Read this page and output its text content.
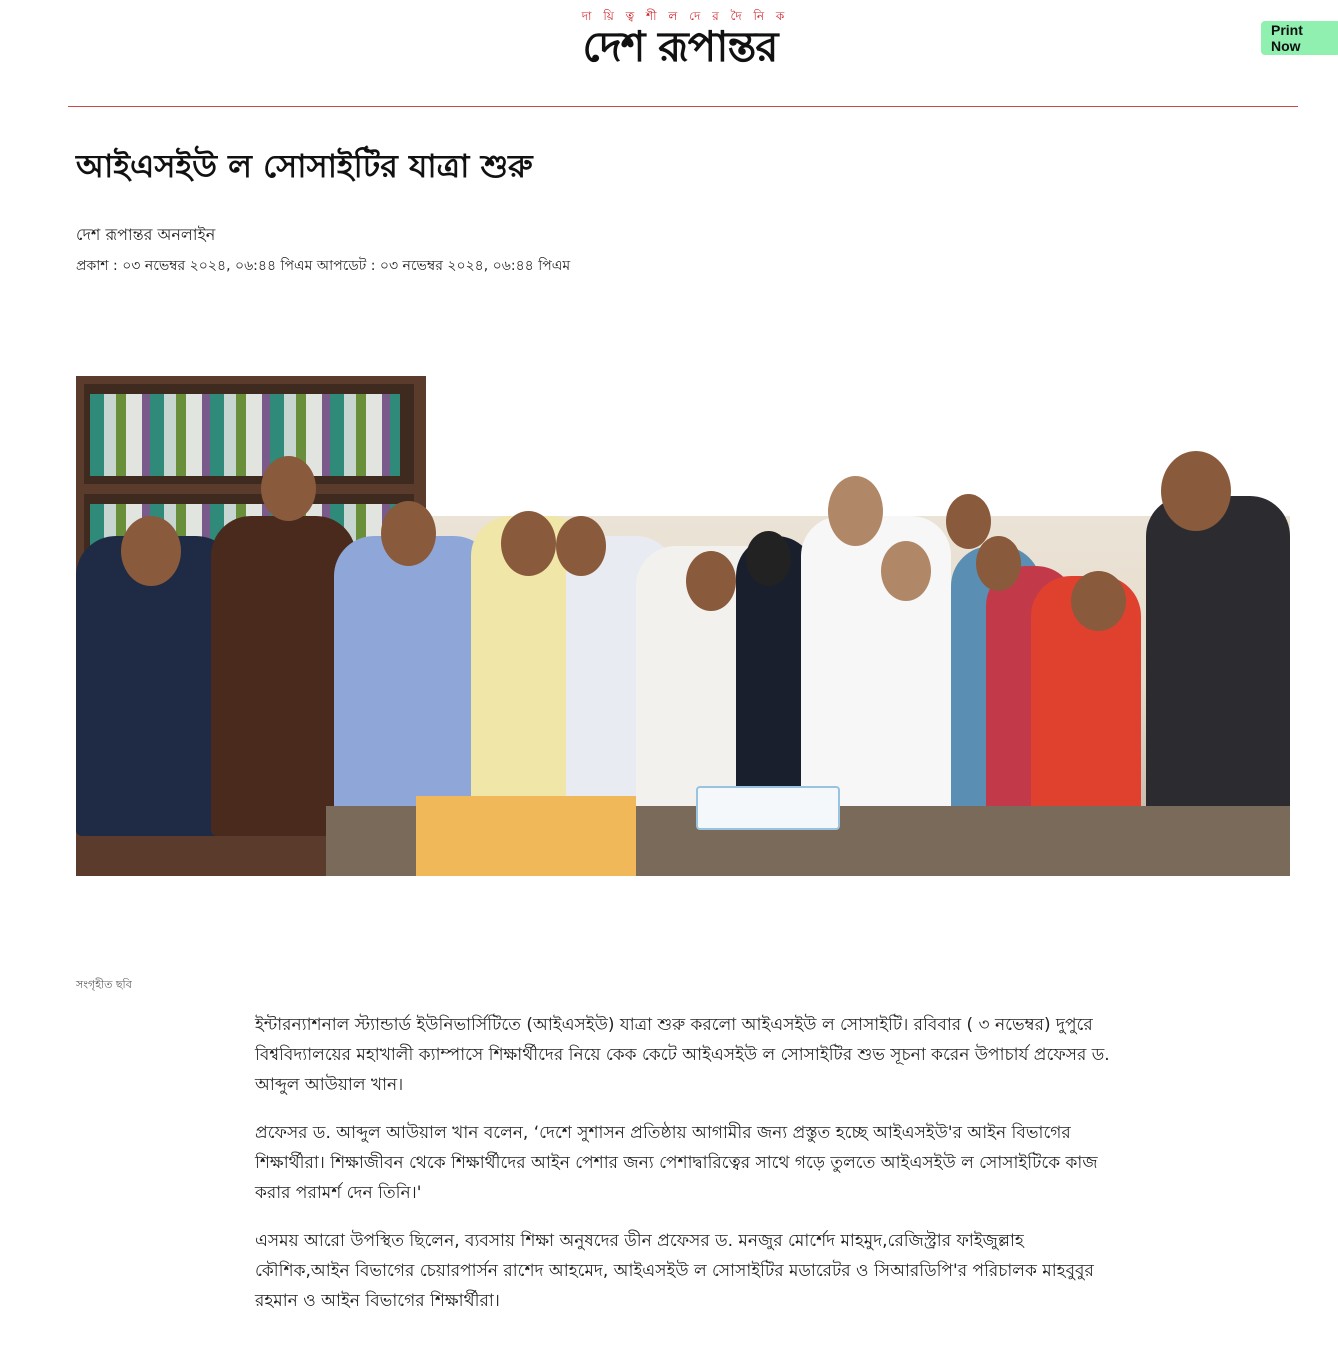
দা য়ি ত্ব শী ল দে র দৈ নি ক
দেশ রূপান্তর	Print Now
আইএসইউ ল সোসাইটির যাত্রা শুরু
দেশ রূপান্তর অনলাইন
প্রকাশ : ০৩ নভেম্বর ২০২৪, ০৬:৪৪ পিএম আপডেট : ০৩ নভেম্বর ২০২৪, ০৬:৪৪ পিএম
সংগৃহীত ছবি

ইন্টারন্যাশনাল স্ট্যান্ডার্ড ইউনিভার্সিটিতে (আইএসইউ) যাত্রা শুরু করলো আইএসইউ ল সোসাইটি। রবিবার ( ৩ নভেম্বর) দুপুরে বিশ্ববিদ্যালয়ের মহাখালী ক্যাম্পাসে শিক্ষার্থীদের নিয়ে কেক কেটে আইএসইউ ল সোসাইটির শুভ সূচনা করেন উপাচার্য প্রফেসর ড. আব্দুল আউয়াল খান।

প্রফেসর ড. আব্দুল আউয়াল খান বলেন, ‘দেশে সুশাসন প্রতিষ্ঠায় আগামীর জন্য প্রস্তুত হচ্ছে আইএসইউ'র আইন বিভাগের শিক্ষার্থীরা। শিক্ষাজীবন থেকে শিক্ষার্থীদের আইন পেশার জন্য পেশাদ্বারিত্বের সাথে গড়ে তুলতে আইএসইউ ল সোসাইটিকে কাজ করার পরামর্শ দেন তিনি।'

এসময় আরো উপস্থিত ছিলেন, ব্যবসায় শিক্ষা অনুষদের ডীন প্রফেসর ড. মনজুর মোর্শেদ মাহমুদ,রেজিস্ট্রার ফাইজুল্লাহ কৌশিক,আইন বিভাগের চেয়ারপার্সন রাশেদ আহমেদ, আইএসইউ ল সোসাইটির মডারেটর ও সিআরডিপি'র পরিচালক মাহবুবুর রহমান ও আইন বিভাগের শিক্ষার্থীরা।
